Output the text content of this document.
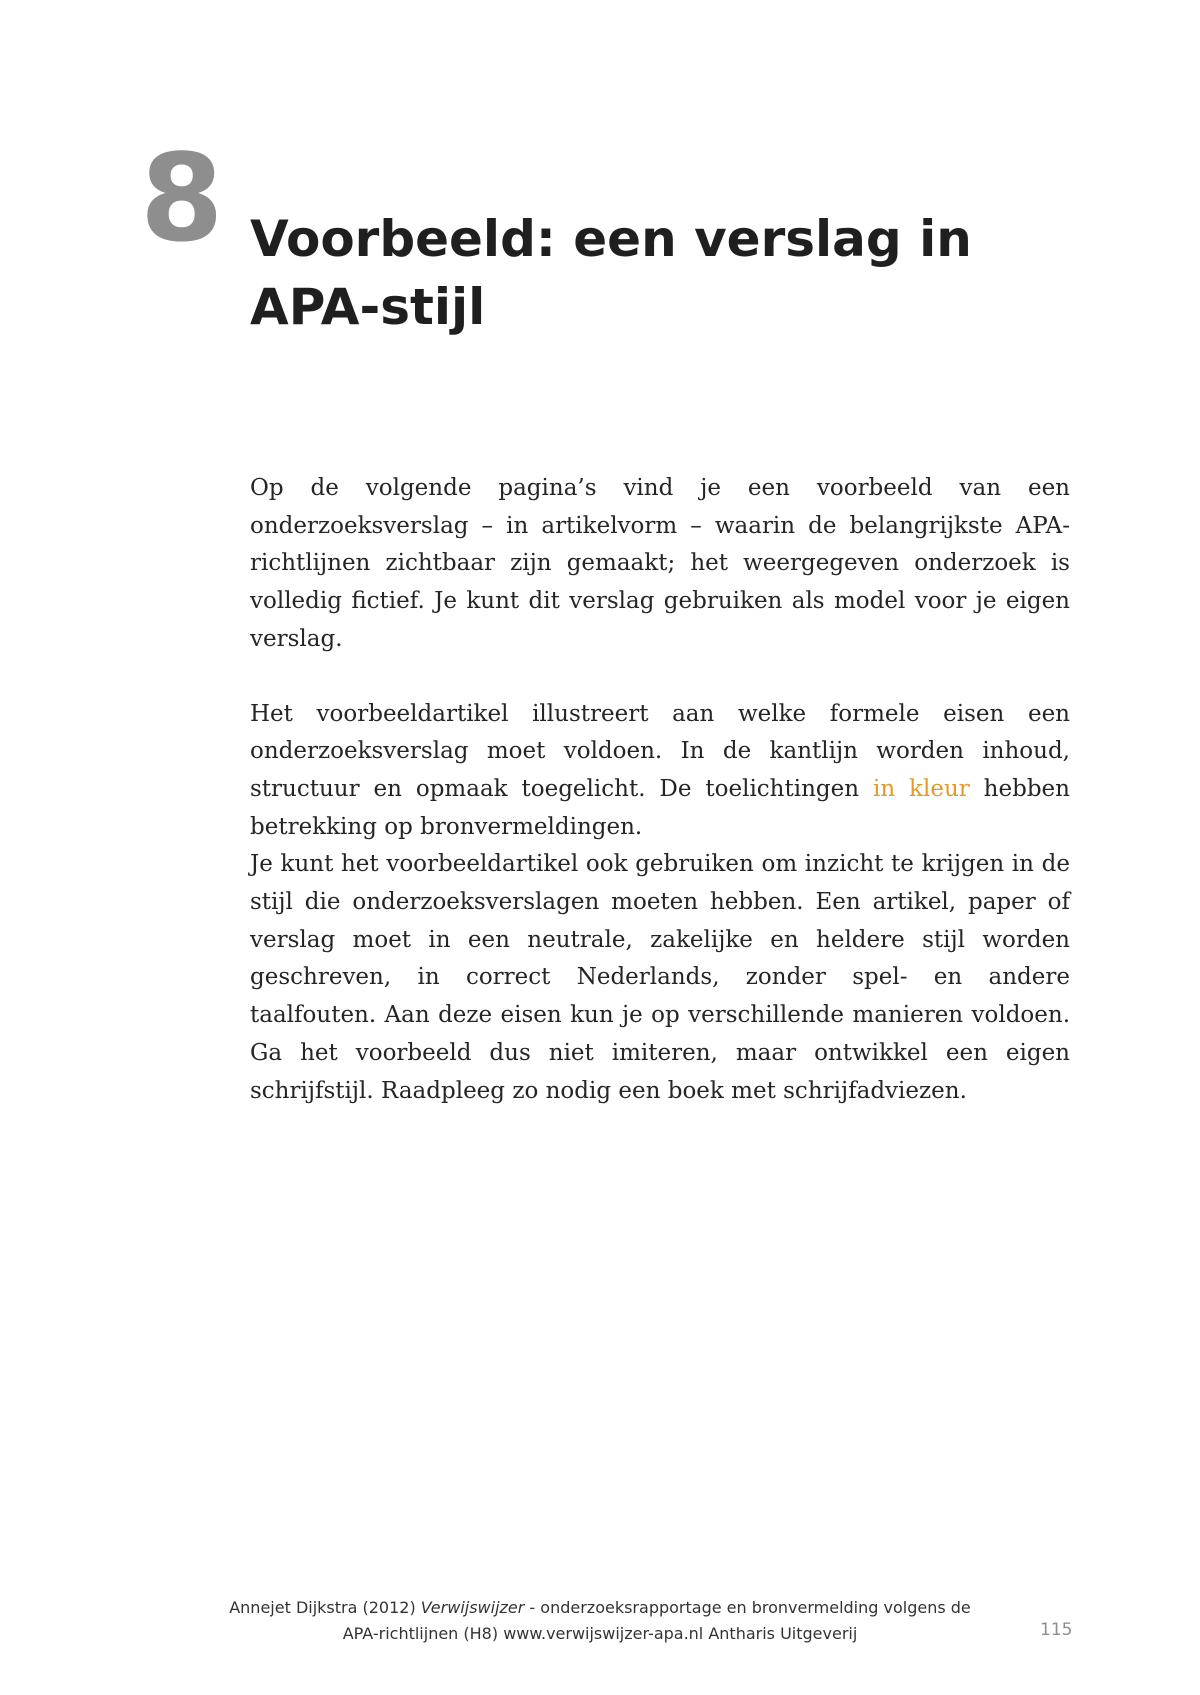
8 Voorbeeld: een verslag in APA-stijl

Op de volgende pagina’s vind je een voorbeeld van een onderzoeksverslag – in artikelvorm – waarin de belangrijkste APA-richtlijnen zichtbaar zijn gemaakt; het weergegeven onderzoek is volledig fictief. Je kunt dit verslag gebruiken als model voor je eigen verslag.

Het voorbeeldartikel illustreert aan welke formele eisen een onderzoeksverslag moet voldoen. In de kantlijn worden inhoud, structuur en opmaak toegelicht. De toelichtingen in kleur hebben betrekking op bronvermeldingen.

Je kunt het voorbeeldartikel ook gebruiken om inzicht te krijgen in de stijl die onderzoeksverslagen moeten hebben. Een artikel, paper of verslag moet in een neutrale, zakelijke en heldere stijl worden geschreven, in correct Nederlands, zonder spel- en andere taalfouten. Aan deze eisen kun je op verschillende manieren voldoen. Ga het voorbeeld dus niet imiteren, maar ontwikkel een eigen schrijfstijl. Raadpleeg zo nodig een boek met schrijfadviezen.

Annejet Dijkstra (2012) Verwijswijzer - onderzoeksrapportage en bronvermelding volgens de
APA-richtlijnen (H8) www.verwijswijzer-apa.nl Antharis Uitgeverij	115
